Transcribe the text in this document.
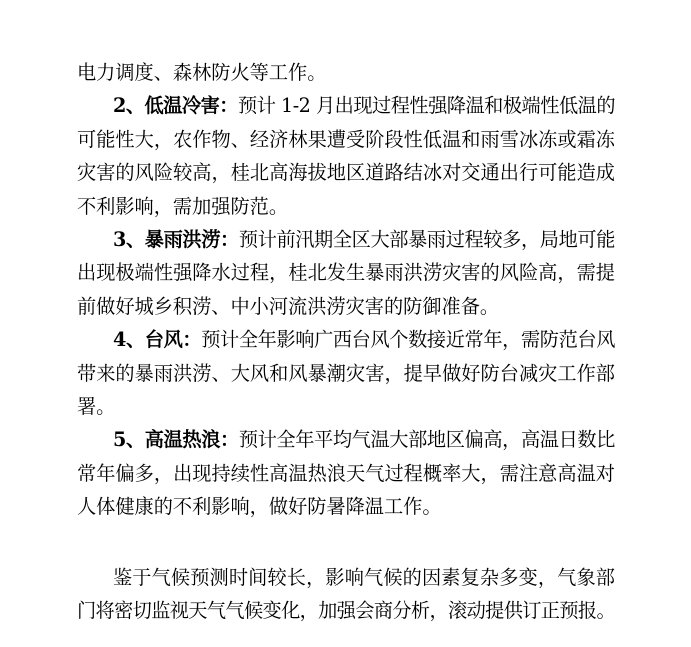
电力调度、森林防火等工作。
2、低温冷害：预计 1-2 月出现过程性强降温和极端性低温的
可能性大，农作物、经济林果遭受阶段性低温和雨雪冰冻或霜冻
灾害的风险较高，桂北高海拔地区道路结冰对交通出行可能造成
不利影响，需加强防范。
3、暴雨洪涝：预计前汛期全区大部暴雨过程较多，局地可能
出现极端性强降水过程，桂北发生暴雨洪涝灾害的风险高，需提
前做好城乡积涝、中小河流洪涝灾害的防御准备。
4、台风：预计全年影响广西台风个数接近常年，需防范台风
带来的暴雨洪涝、大风和风暴潮灾害，提早做好防台减灾工作部
署。
5、高温热浪：预计全年平均气温大部地区偏高，高温日数比
常年偏多，出现持续性高温热浪天气过程概率大，需注意高温对
人体健康的不利影响，做好防暑降温工作。
鉴于气候预测时间较长，影响气候的因素复杂多变，气象部
门将密切监视天气气候变化，加强会商分析，滚动提供订正预报。
